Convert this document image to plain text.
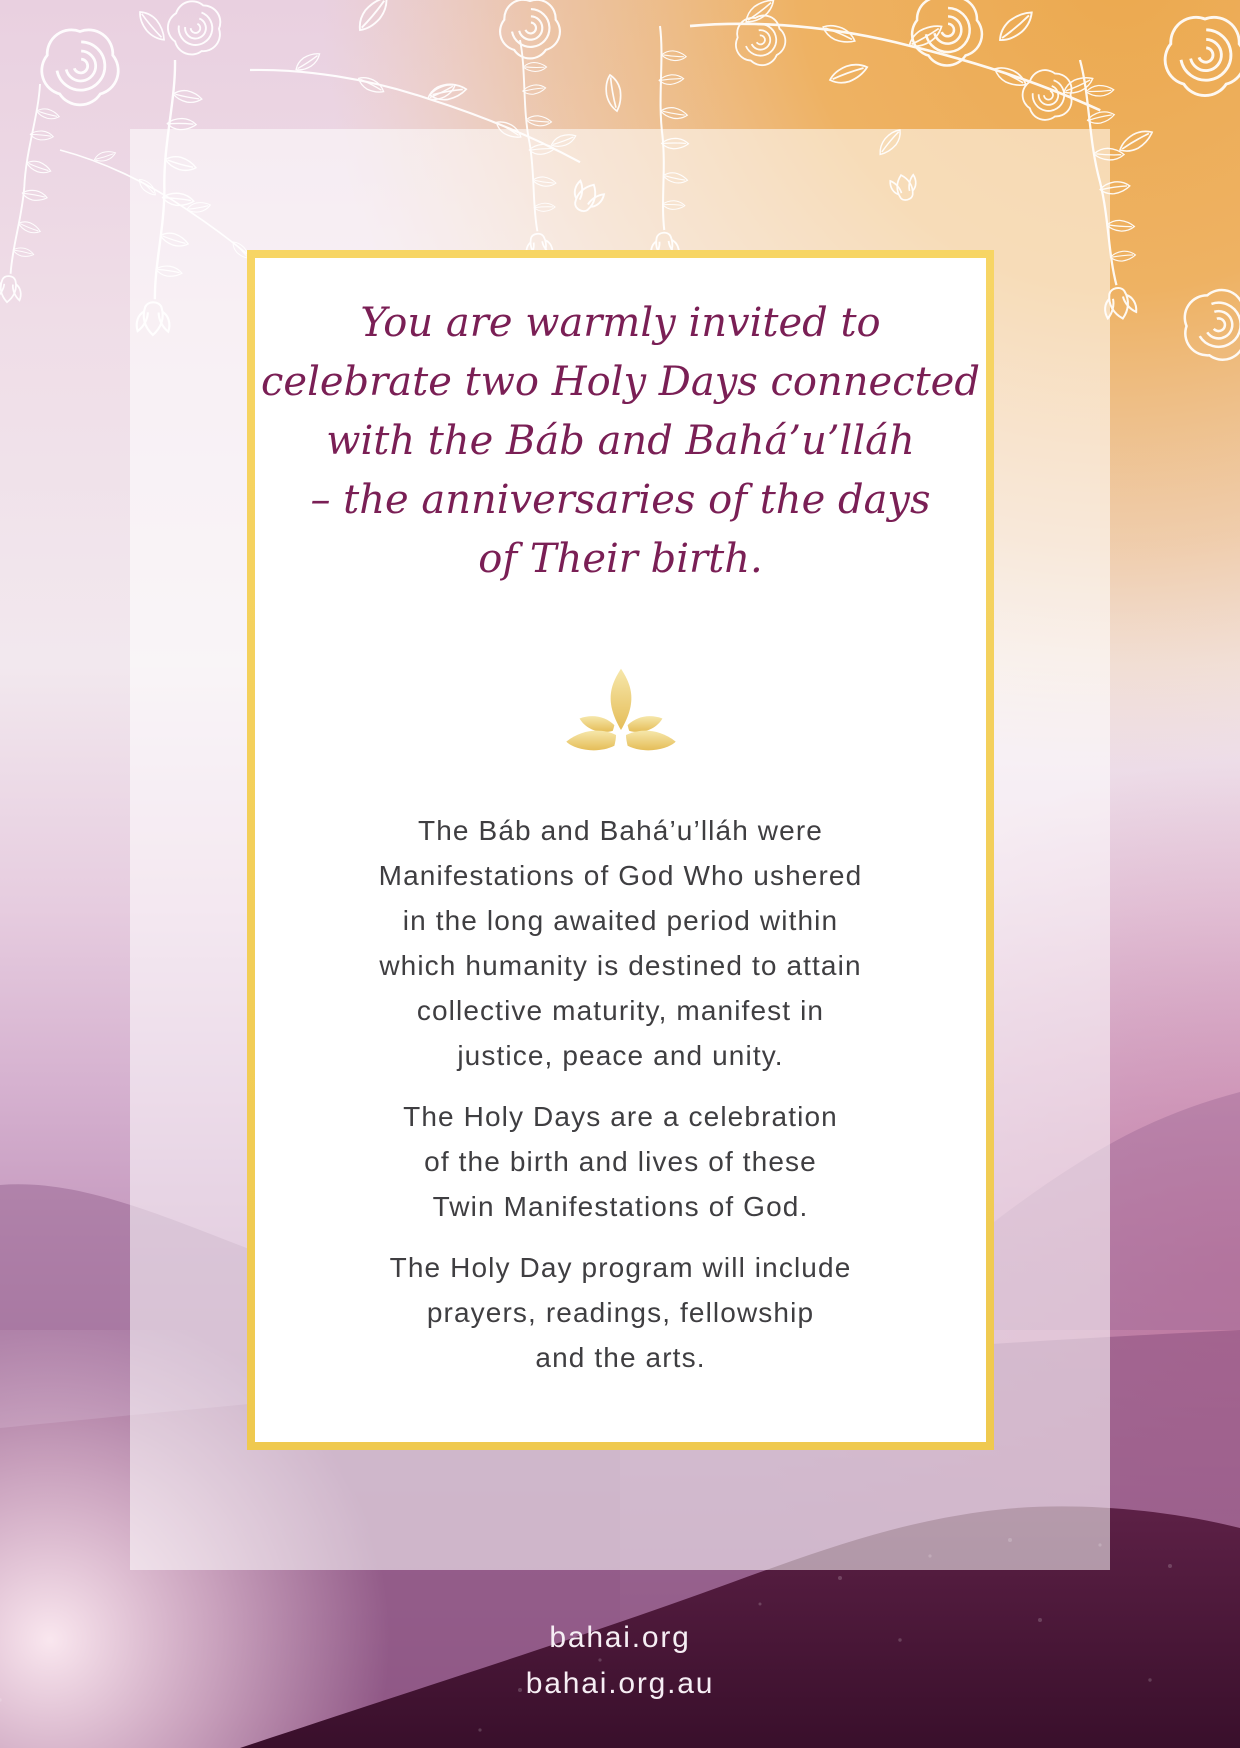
You are warmly invited to
celebrate two Holy Days connected
with the Báb and Bahá’u’lláh
– the anniversaries of the days
of Their birth.
The Báb and Bahá’u’lláh were
Manifestations of God Who ushered
in the long awaited period within
which humanity is destined to attain
collective maturity, manifest in
justice, peace and unity.
The Holy Days are a celebration
of the birth and lives of these
Twin Manifestations of God.
The Holy Day program will include
prayers, readings, fellowship
and the arts.
bahai.org
bahai.org.au
